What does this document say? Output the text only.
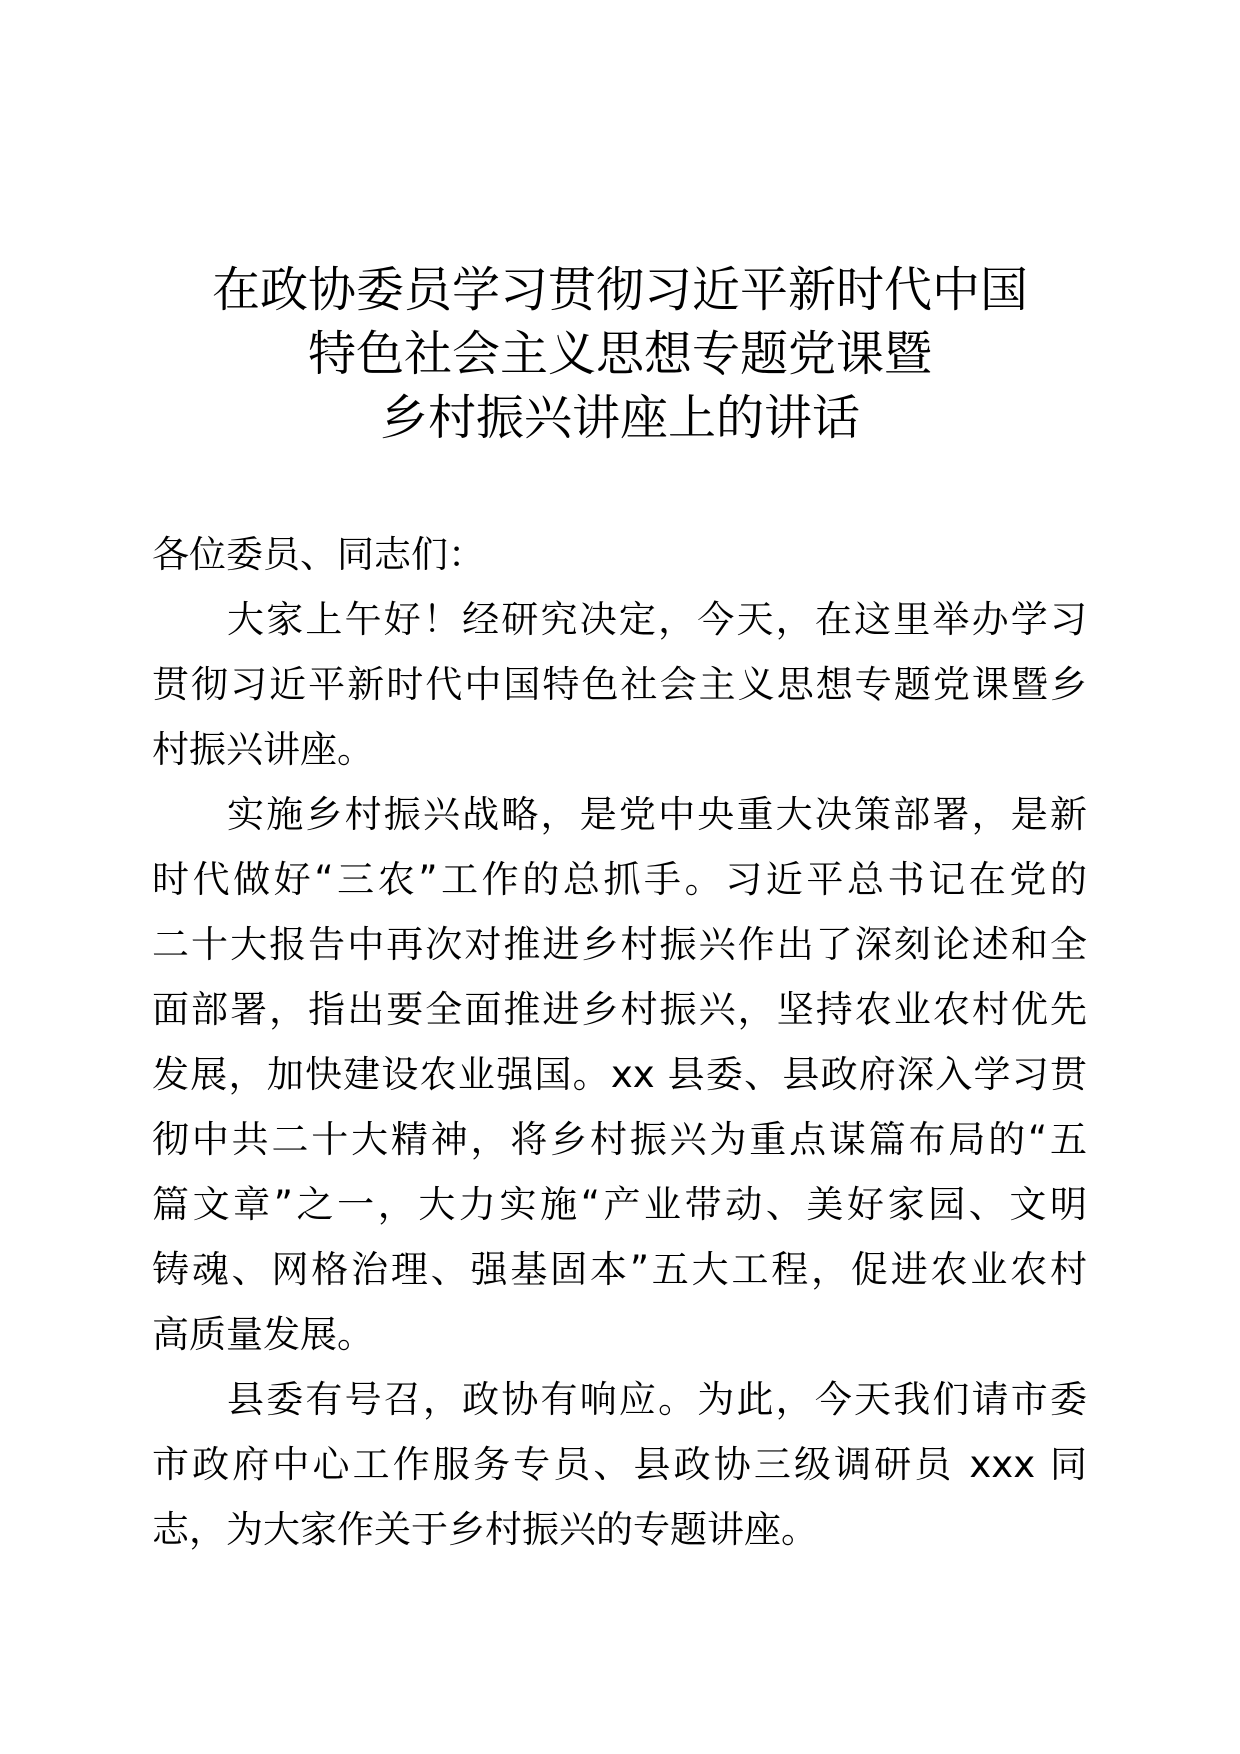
在政协委员学习贯彻习近平新时代中国
特色社会主义思想专题党课暨
乡村振兴讲座上的讲话
各位委员、同志们：
大家上午好！经研究决定，今天，在这里举办学习
贯彻习近平新时代中国特色社会主义思想专题党课暨乡
村振兴讲座。
实施乡村振兴战略，是党中央重大决策部署，是新
时代做好“三农”工作的总抓手。习近平总书记在党的
二十大报告中再次对推进乡村振兴作出了深刻论述和全
面部署，指出要全面推进乡村振兴，坚持农业农村优先
发展，加快建设农业强国。xx 县委、县政府深入学习贯
彻中共二十大精神，将乡村振兴为重点谋篇布局的“五
篇文章”之一，大力实施“产业带动、美好家园、文明
铸魂、网格治理、强基固本”五大工程，促进农业农村
高质量发展。
县委有号召，政协有响应。为此，今天我们请市委
市政府中心工作服务专员、县政协三级调研员 xxx 同
志，为大家作关于乡村振兴的专题讲座。
